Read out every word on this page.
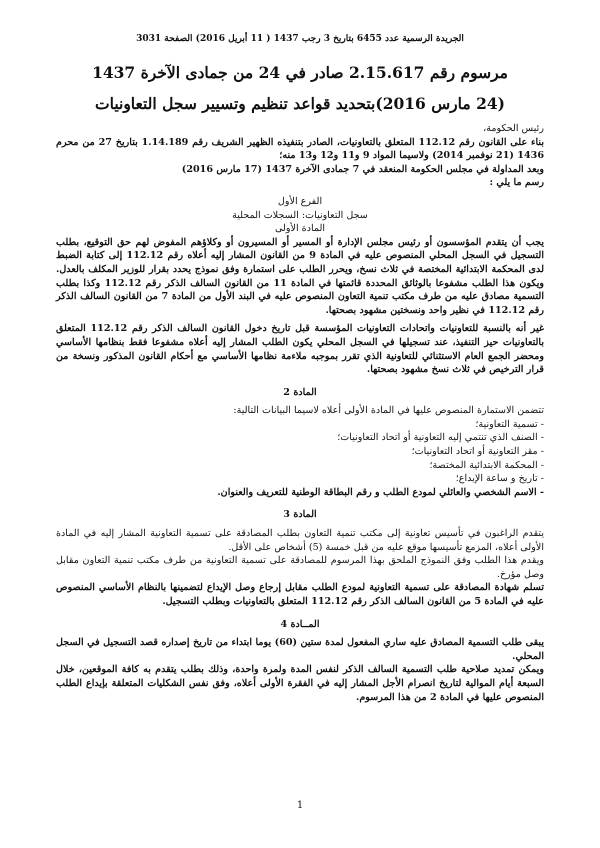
الجريدة الرسمية عدد 6455 بتاريخ 3 رجب 1437 ( 11 أبريل 2016) الصفحة 3031
مرسوم رقم 2.15.617 صادر في 24 من جمادى الآخرة 1437
(24 مارس 2016)بتحديد قواعد تنظيم وتسيير سجل التعاونيات

رئيس الحكومة،

بناء على القانون رقم 112.12 المتعلق بالتعاونيات، الصادر بتنفيذه الظهير الشريف رقم 1.14.189 بتاريخ 27 من محرم 1436 (21 نوفمبر 2014) ولاسيما المواد 9 و11 و12 و13 منه؛

وبعد المداولة في مجلس الحكومة المنعقد في 7 جمادى الآخرة 1437 (17 مارس 2016)

رسم ما يلي :

الفرع الأول

سجل التعاونيات: السجلات المحلية

المادة الأولى

يجب أن يتقدم المؤسسون أو رئيس مجلس الإدارة أو المسير أو المسيرون أو وكلاؤهم المفوض لهم حق التوقيع، بطلب التسجيل في السجل المحلي المنصوص عليه في المادة 9 من القانون المشار إليه أعلاه رقم 112.12 إلى كتابة الضبط لدى المحكمة الابتدائية المختصة في ثلاث نسخ، ويحرر الطلب على استمارة وفق نموذج يحدد بقرار للوزير المكلف بالعدل. ويكون هذا الطلب مشفوعا بالوثائق المحددة قائمتها في المادة 11 من القانون السالف الذكر رقم 112.12 وكذا بطلب التسمية مصادق عليه من طرف مكتب تنمية التعاون المنصوص عليه في البند الأول من المادة 7 من القانون السالف الذكر رقم 112.12 في نظير واحد ونسختين مشهود بصحتها.

غير أنه بالنسبة للتعاونيات واتحادات التعاونيات المؤسسة قبل تاريخ دخول القانون السالف الذكر رقم 112.12 المتعلق بالتعاونيات حيز التنفيذ، عند تسجيلها في السجل المحلي يكون الطلب المشار إليه أعلاه مشفوعا فقط بنظامها الأساسي ومحضر الجمع العام الاستثنائي للتعاونية الذي تقرر بموجبه ملاءمة نظامها الأساسي مع أحكام القانون المذكور ونسخة من قرار الترخيص في ثلاث نسخ مشهود بصحتها.

المادة 2

تتضمن الاستمارة المنصوص عليها في المادة الأولى أعلاه لاسيما البيانات التالية:

- تسمية التعاونية؛

- الصنف الذي تنتمي إليه التعاونية أو اتحاد التعاونيات؛

- مقر التعاونية أو اتحاد التعاونيات؛

- المحكمة الابتدائية المختصة؛

- تاريخ و ساعة الإيداع؛

- الاسم الشخصي والعائلي لمودع الطلب و رقم البطاقة الوطنية للتعريف والعنوان.

المادة 3

يتقدم الراغبون في تأسيس تعاونية إلى مكتب تنمية التعاون بطلب المصادقة على تسمية التعاونية المشار إليه في المادة الأولى أعلاه، المزمع تأسيسها موقع عليه من قبل خمسة (5) أشخاص على الأقل.

ويقدم هذا الطلب وفق النموذج الملحق بهذا المرسوم للمصادقة على تسمية التعاونية من طرف مكتب تنمية التعاون مقابل وصل مؤرخ.

تسلم شهادة المصادقة على تسمية التعاونية لمودع الطلب مقابل إرجاع وصل الإيداع لتضمينها بالنظام الأساسي المنصوص عليه في المادة 5 من القانون السالف الذكر رقم 112.12 المتعلق بالتعاونيات وبطلب التسجيل.

المــادة 4

يبقى طلب التسمية المصادق عليه ساري المفعول لمدة ستين (60) يوما ابتداء من تاريخ إصداره قصد التسجيل في السجل المحلي.

ويمكن تمديد صلاحية طلب التسمية السالف الذكر لنفس المدة ولمرة واحدة، وذلك بطلب يتقدم به كافة الموقعين، خلال السبعة أيام الموالية لتاريخ انصرام الأجل المشار إليه في الفقرة الأولى أعلاه، وفق نفس الشكليات المتعلقة بإيداع الطلب المنصوص عليها في المادة 2 من هذا المرسوم.

1
